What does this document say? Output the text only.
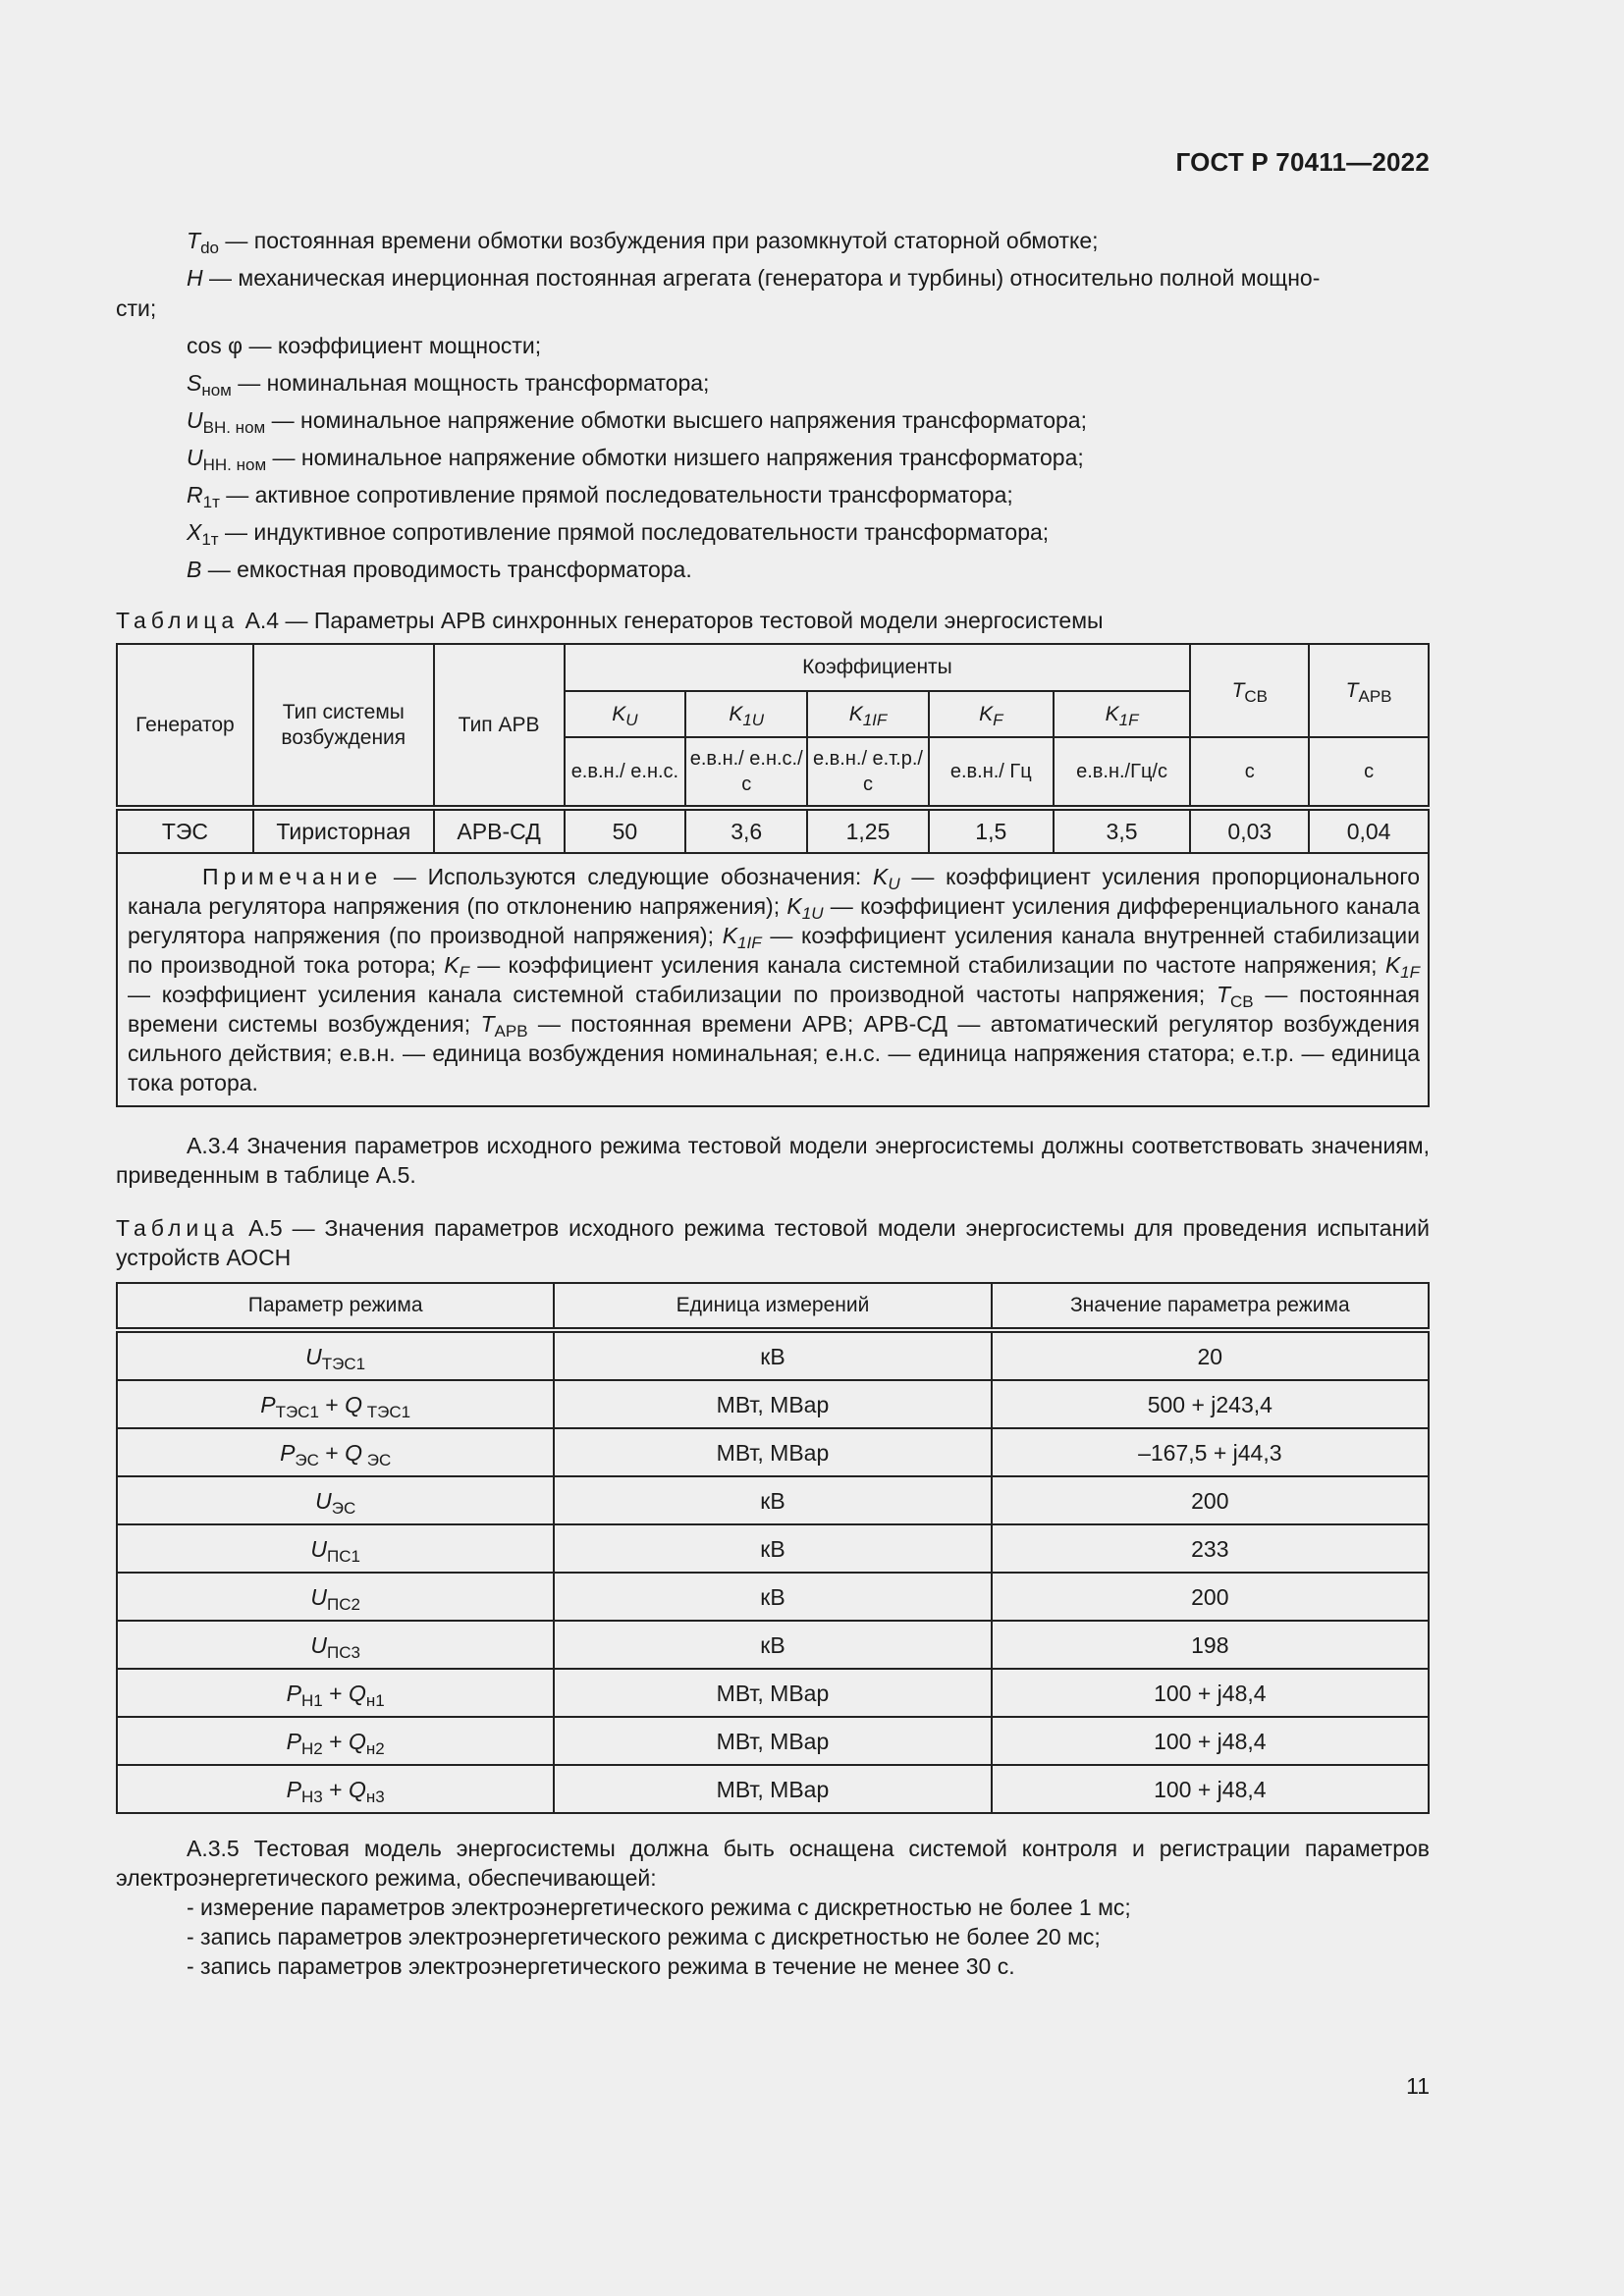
ГОСТ Р 70411—2022
$T_{do}$ — постоянная времени обмотки возбуждения при разомкнутой статорной обмотке;
H — механическая инерционная постоянная агрегата (генератора и турбины) относительно полной мощно-
сти;
cos φ — коэффициент мощности;
$S_{ном}$ — номинальная мощность трансформатора;
$U_{ВН. ном}$ — номинальное напряжение обмотки высшего напряжения трансформатора;
$U_{НН. ном}$ — номинальное напряжение обмотки низшего напряжения трансформатора;
$R_{1т}$ — активное сопротивление прямой последовательности трансформатора;
$X_{1т}$ — индуктивное сопротивление прямой последовательности трансформатора;
B — емкостная проводимость трансформатора.
Таблица А.4 — Параметры АРВ синхронных генераторов тестовой модели энергосистемы
Генератор	Тип системы возбуждения	Тип АРВ	Коэффициенты					$T_{СВ}$	$T_{АРВ}$
			$K_U$	$K_{1U}$	$K_{1IF}$	$K_F$	$K_{1F}$
			е.в.н./ е.н.с.	е.в.н./ е.н.с./с	е.в.н./ е.т.р./с	е.в.н./ Гц	е.в.н./Гц/с	с	с
ТЭС	Тиристорная	АРВ-СД	50	3,6	1,25	1,5	3,5	0,03	0,04
Примечание — Используются следующие обозначения: $K_U$ — коэффициент усиления пропорционального канала регулятора напряжения (по отклонению напряжения); $K_{1U}$ — коэффициент усиления дифференциального канала регулятора напряжения (по производной напряжения); $K_{1IF}$ — коэффициент усиления канала внутренней стабилизации по производной тока ротора; $K_F$ — коэффициент усиления канала системной стабилизации по частоте напряжения; $K_{1F}$ — коэффициент усиления канала системной стабилизации по производной частоты напряжения; $T_{СВ}$ — постоянная времени системы возбуждения; $T_{АРВ}$ — постоянная времени АРВ; АРВ-СД — автоматический регулятор возбуждения сильного действия; е.в.н. — единица возбуждения номинальная; е.н.с. — единица напряжения статора; е.т.р. — единица тока ротора.									
А.3.4 Значения параметров исходного режима тестовой модели энергосистемы должны соответствовать значениям, приведенным в таблице А.5.
Таблица А.5 — Значения параметров исходного режима тестовой модели энергосистемы для проведения испытаний устройств АОСН
Параметр режима	Единица измерений	Значение параметра режима
$U_{ТЭС1}$	кВ	20
$P_{ТЭС1} + Q$ $_{ТЭС1}$	МВт, МВар	500 + j243,4
$P_{ЭС} + Q$ $_{ЭС}$	МВт, МВар	–167,5 + j44,3
$U_{ЭС}$	кВ	200
$U_{ПС1}$	кВ	233
$U_{ПС2}$	кВ	200
$U_{ПС3}$	кВ	198
$P_{Н1} + Q_{н1}$	МВт, МВар	100 + j48,4
$P_{Н2} + Q_{н2}$	МВт, МВар	100 + j48,4
$P_{Н3} + Q_{н3}$	МВт, МВар	100 + j48,4
А.3.5 Тестовая модель энергосистемы должна быть оснащена системой контроля и регистрации параметров электроэнергетического режима, обеспечивающей:
- измерение параметров электроэнергетического режима с дискретностью не более 1 мс;
- запись параметров электроэнергетического режима с дискретностью не более 20 мс;
- запись параметров электроэнергетического режима в течение не менее 30 с.
11
